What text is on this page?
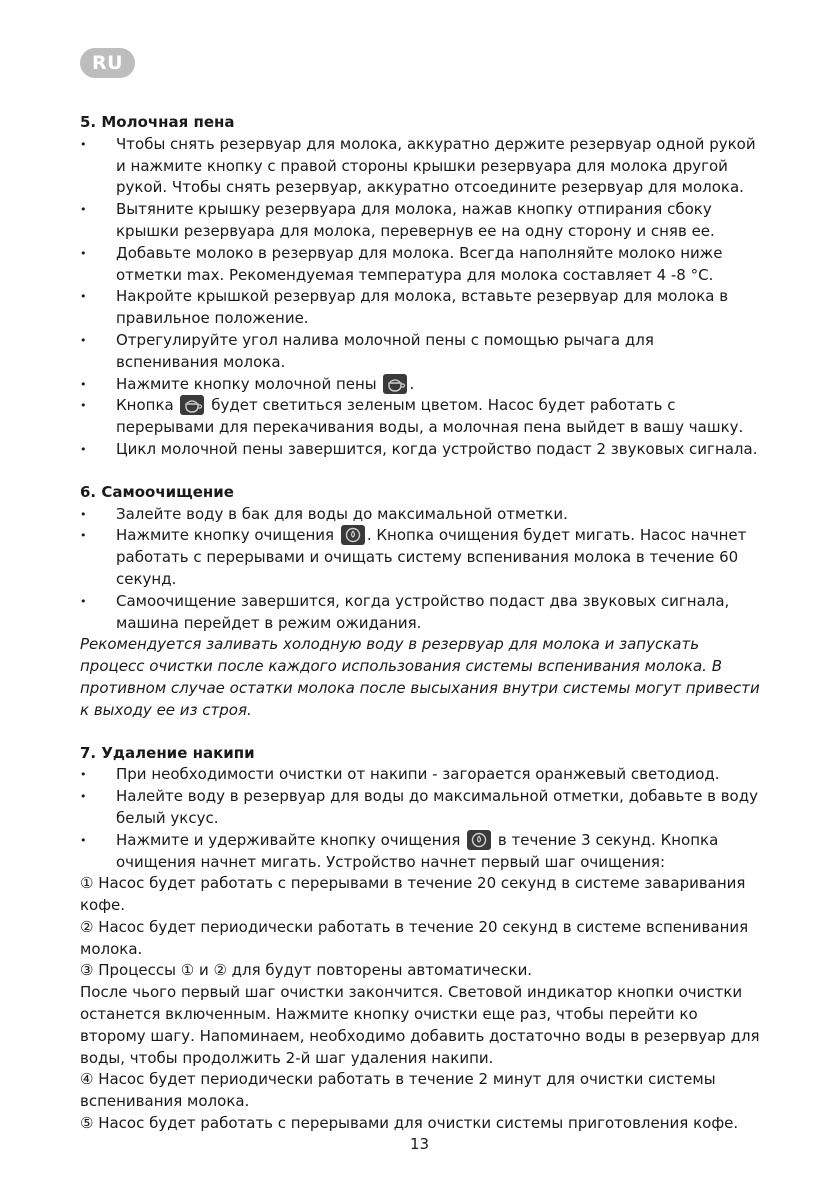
RU
5. Молочная пена
• Чтобы снять резервуар для молока, аккуратно держите резервуар одной рукой и нажмите кнопку с правой стороны крышки резервуара для молока другой рукой. Чтобы снять резервуар, аккуратно отсоедините резервуар для молока.
• Вытяните крышку резервуара для молока, нажав кнопку отпирания сбоку крышки резервуара для молока, перевернув ее на одну сторону и сняв ее.
• Добавьте молоко в резервуар для молока. Всегда наполняйте молоко ниже отметки max. Рекомендуемая температура для молока составляет 4 -8 °C.
• Накройте крышкой резервуар для молока, вставьте резервуар для молока в правильное положение.
• Отрегулируйте угол налива молочной пены с помощью рычага для вспенивания молока.
• Нажмите кнопку молочной пены .
• Кнопка	будет светиться зеленым цветом. Насос будет работать с перерывами для перекачивания воды, а молочная пена выйдет в вашу чашку.
• Цикл молочной пены завершится, когда устройство подаст 2 звуковых сигнала.
6. Самоочищение
• Залейте воду в бак для воды до максимальной отметки.
• Нажмите кнопку очищения . Кнопка очищения будет мигать. Насос начнет работать с перерывами и очищать систему вспенивания молока в течение 60 секунд.
• Самоочищение завершится, когда устройство подаст два звуковых сигнала, машина перейдет в режим ожидания.

Рекомендуется заливать холодную воду в резервуар для молока и запускать процесс очистки после каждого использования системы вспенивания молока. В противном случае остатки молока после высыхания внутри системы могут привести к выходу ее из строя.

7. Удаление накипи
• При необходимости очистки от накипи - загорается оранжевый светодиод.
• Налейте воду в резервуар для воды до максимальной отметки, добавьте в воду белый уксус.
• Нажмите и удерживайте кнопку очищения	в течение 3 секунд. Кнопка очищения начнет мигать. Устройство начнет первый шаг очищения:

① Насос будет работать с перерывами в течение 20 секунд в системе заваривания кофе.

② Насос будет периодически работать в течение 20 секунд в системе вспенивания молока.

③ Процессы ① и ② для будут повторены автоматически.

После чього первый шаг очистки закончится. Световой индикатор кнопки очистки останется включенным. Нажмите кнопку очистки еще раз, чтобы перейти ко второму шагу. Напоминаем, необходимо добавить достаточно воды в резервуар для воды, чтобы продолжить 2-й шаг удаления накипи.

④ Насос будет периодически работать в течение 2 минут для очистки системы вспенивания молока.

⑤ Насос будет работать с перерывами для очистки системы приготовления кофе.

13
